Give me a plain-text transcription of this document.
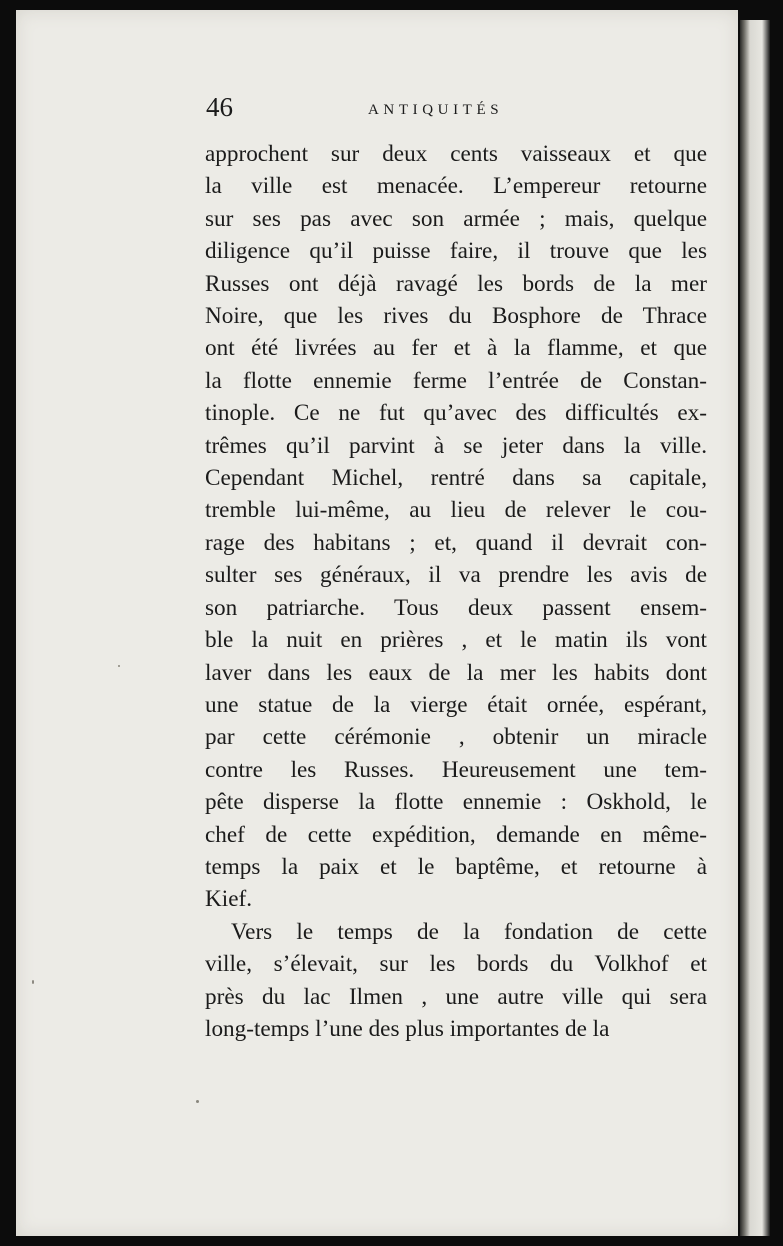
46	ANTIQUITÉS
approchent sur deux cents vaisseaux et que
la ville est menacée. L’empereur retourne
sur ses pas avec son armée ; mais, quelque
diligence qu’il puisse faire, il trouve que les
Russes ont déjà ravagé les bords de la mer
Noire, que les rives du Bosphore de Thrace
ont été livrées au fer et à la flamme, et que
la flotte ennemie ferme l’entrée de Constan-
tinople. Ce ne fut qu’avec des difficultés ex-
trêmes qu’il parvint à se jeter dans la ville.
Cependant Michel, rentré dans sa capitale,
tremble lui-même, au lieu de relever le cou-
rage des habitans ; et, quand il devrait con-
sulter ses généraux, il va prendre les avis de
son patriarche. Tous deux passent ensem-
ble la nuit en prières , et le matin ils vont
laver dans les eaux de la mer les habits dont
une statue de la vierge était ornée, espérant,
par cette cérémonie , obtenir un miracle
contre les Russes. Heureusement une tem-
pête disperse la flotte ennemie : Oskhold, le
chef de cette expédition, demande en même-
temps la paix et le baptême, et retourne à
Kief.
Vers le temps de la fondation de cette
ville, s’élevait, sur les bords du Volkhof et
près du lac Ilmen , une autre ville qui sera
long-temps l’une des plus importantes de la
